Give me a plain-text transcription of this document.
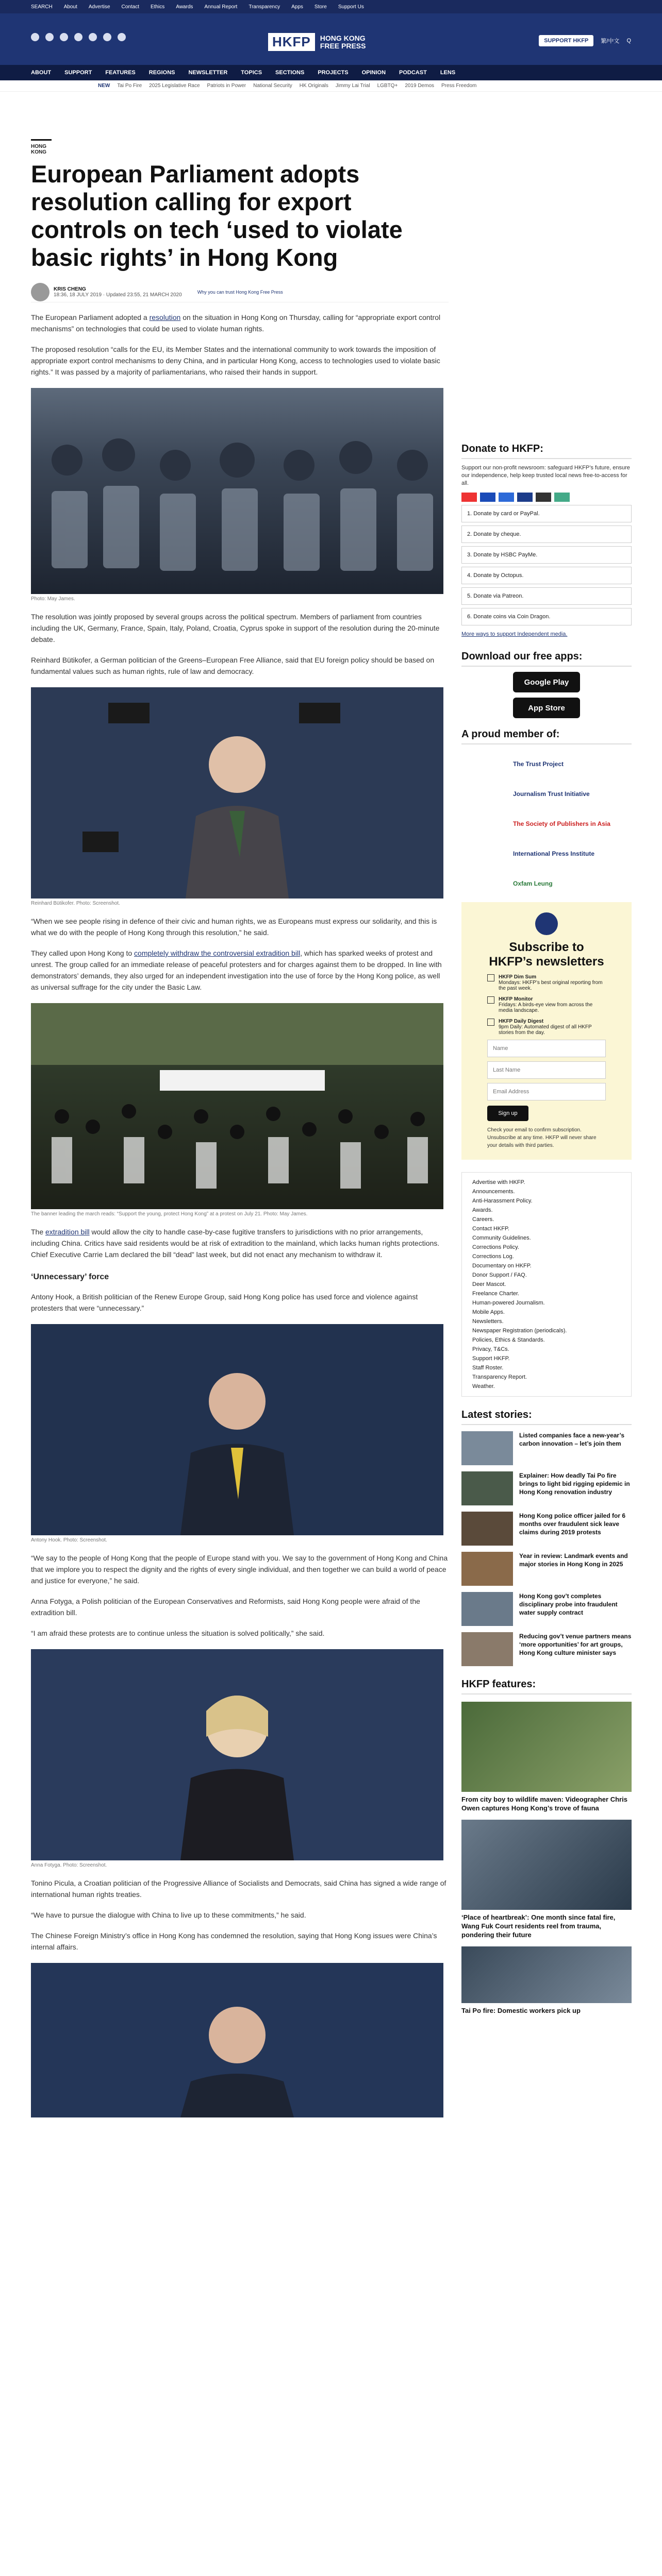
SEARCH About Advertise Contact Ethics Awards Annual Report Transparency Apps Store Support Us
HKFP	HONG KONG
FREE PRESS
SUPPORT HKFP	繁/中文 Q
ABOUT SUPPORT FEATURES REGIONS NEWSLETTER TOPICS SECTIONS PROJECTS OPINION PODCAST LENS
NEW Tai Po Fire 2025 Legislative Race Patriots in Power National Security HK Originals Jimmy Lai Trial LGBTQ+ 2019 Demos Press Freedom
HONG KONG
European Parliament adopts resolution calling for export controls on tech ‘used to violate basic rights’ in Hong Kong
KRIS CHENG
18:36, 18 JULY 2019 · Updated 23:55, 21 MARCH 2020	Why you can trust Hong Kong Free Press

The European Parliament adopted a resolution on the situation in Hong Kong on Thursday, calling for “appropriate export control mechanisms” on technologies that could be used to violate human rights.

The proposed resolution “calls for the EU, its Member States and the international community to work towards the imposition of appropriate export control mechanisms to deny China, and in particular Hong Kong, access to technologies used to violate basic rights.” It was passed by a majority of parliamentarians, who raised their hands in support.

Photo: May James.

The resolution was jointly proposed by several groups across the political spectrum. Members of parliament from countries including the UK, Germany, France, Spain, Italy, Poland, Croatia, Cyprus spoke in support of the resolution during the 20-minute debate.

Reinhard Bütikofer, a German politician of the Greens–European Free Alliance, said that EU foreign policy should be based on fundamental values such as human rights, rule of law and democracy.

Reinhard Bütikofer. Photo: Screenshot.

“When we see people rising in defence of their civic and human rights, we as Europeans must express our solidarity, and this is what we do with the people of Hong Kong through this resolution,” he said.

They called upon Hong Kong to completely withdraw the controversial extradition bill, which has sparked weeks of protest and unrest. The group called for an immediate release of peaceful protesters and for charges against them to be dropped. In line with demonstrators’ demands, they also urged for an independent investigation into the use of force by the Hong Kong police, as well as universal suffrage for the city under the Basic Law.

The banner leading the march reads: “Support the young, protect Hong Kong” at a protest on July 21. Photo: May James.

The extradition bill would allow the city to handle case-by-case fugitive transfers to jurisdictions with no prior arrangements, including China. Critics have said residents would be at risk of extradition to the mainland, which lacks human rights protections. Chief Executive Carrie Lam declared the bill “dead” last week, but did not enact any mechanism to withdraw it.

‘Unnecessary’ force

Antony Hook, a British politician of the Renew Europe Group, said Hong Kong police has used force and violence against protesters that were “unnecessary.”

Antony Hook. Photo: Screenshot.

“We say to the people of Hong Kong that the people of Europe stand with you. We say to the government of Hong Kong and China that we implore you to respect the dignity and the rights of every single individual, and then together we can build a world of peace and justice for everyone,” he said.

Anna Fotyga, a Polish politician of the European Conservatives and Reformists, said Hong Kong people were afraid of the extradition bill.

“I am afraid these protests are to continue unless the situation is solved politically,” she said.

Anna Fotyga. Photo: Screenshot.

Tonino Picula, a Croatian politician of the Progressive Alliance of Socialists and Democrats, said China has signed a wide range of international human rights treaties.

“We have to pursue the dialogue with China to live up to these commitments,” he said.

The Chinese Foreign Ministry’s office in Hong Kong has condemned the resolution, saying that Hong Kong issues were China’s internal affairs.

Donate to HKFP:

Support our non-profit newsroom: safeguard HKFP’s future, ensure our independence, help keep trusted local news free-to-access for all.

1. Donate by card or PayPal.
2. Donate by cheque.
3. Donate by HSBC PayMe.
4. Donate by Octopus.
5. Donate via Patreon.
6. Donate coins via Coin Dragon.

More ways to support Independent media.

Download our free apps:
Google Play
App Store
A proud member of:
The Trust Project
Journalism Trust Initiative
The Society of Publishers in Asia
International Press Institute
Oxfam Leung
Subscribe to HKFP’s newsletters
HKFP Dim Sum
Mondays: HKFP’s best original reporting from the past week.
HKFP Monitor
Fridays: A birds-eye view from across the media landscape.
HKFP Daily Digest
9pm Daily: Automated digest of all HKFP stories from the day.
Name
Last Name
Email Address
Sign up

Check your email to confirm subscription. Unsubscribe at any time. HKFP will never share your details with third parties.

Advertise with HKFP.
Announcements.
Anti-Harassment Policy.
Awards.
Careers.
Contact HKFP.
Community Guidelines.
Corrections Policy.
Corrections Log.
Documentary on HKFP.
Donor Support / FAQ.
Deer Mascot.
Freelance Charter.
Human-powered Journalism.
Mobile Apps.
Newsletters.
Newspaper Registration (periodicals).
Policies, Ethics & Standards.
Privacy, T&Cs.
Support HKFP.
Staff Roster.
Transparency Report.
Weather.
Latest stories:
Listed companies face a new-year’s carbon innovation – let’s join them
Explainer: How deadly Tai Po fire brings to light bid rigging epidemic in Hong Kong renovation industry
Hong Kong police officer jailed for 6 months over fraudulent sick leave claims during 2019 protests
Year in review: Landmark events and major stories in Hong Kong in 2025
Hong Kong gov’t completes disciplinary probe into fraudulent water supply contract
Reducing gov’t venue partners means ‘more opportunities’ for art groups, Hong Kong culture minister says
HKFP features:
From city boy to wildlife maven: Videographer Chris Owen captures Hong Kong’s trove of fauna
‘Place of heartbreak’: One month since fatal fire, Wang Fuk Court residents reel from trauma, pondering their future
Tai Po fire: Domestic workers pick up
